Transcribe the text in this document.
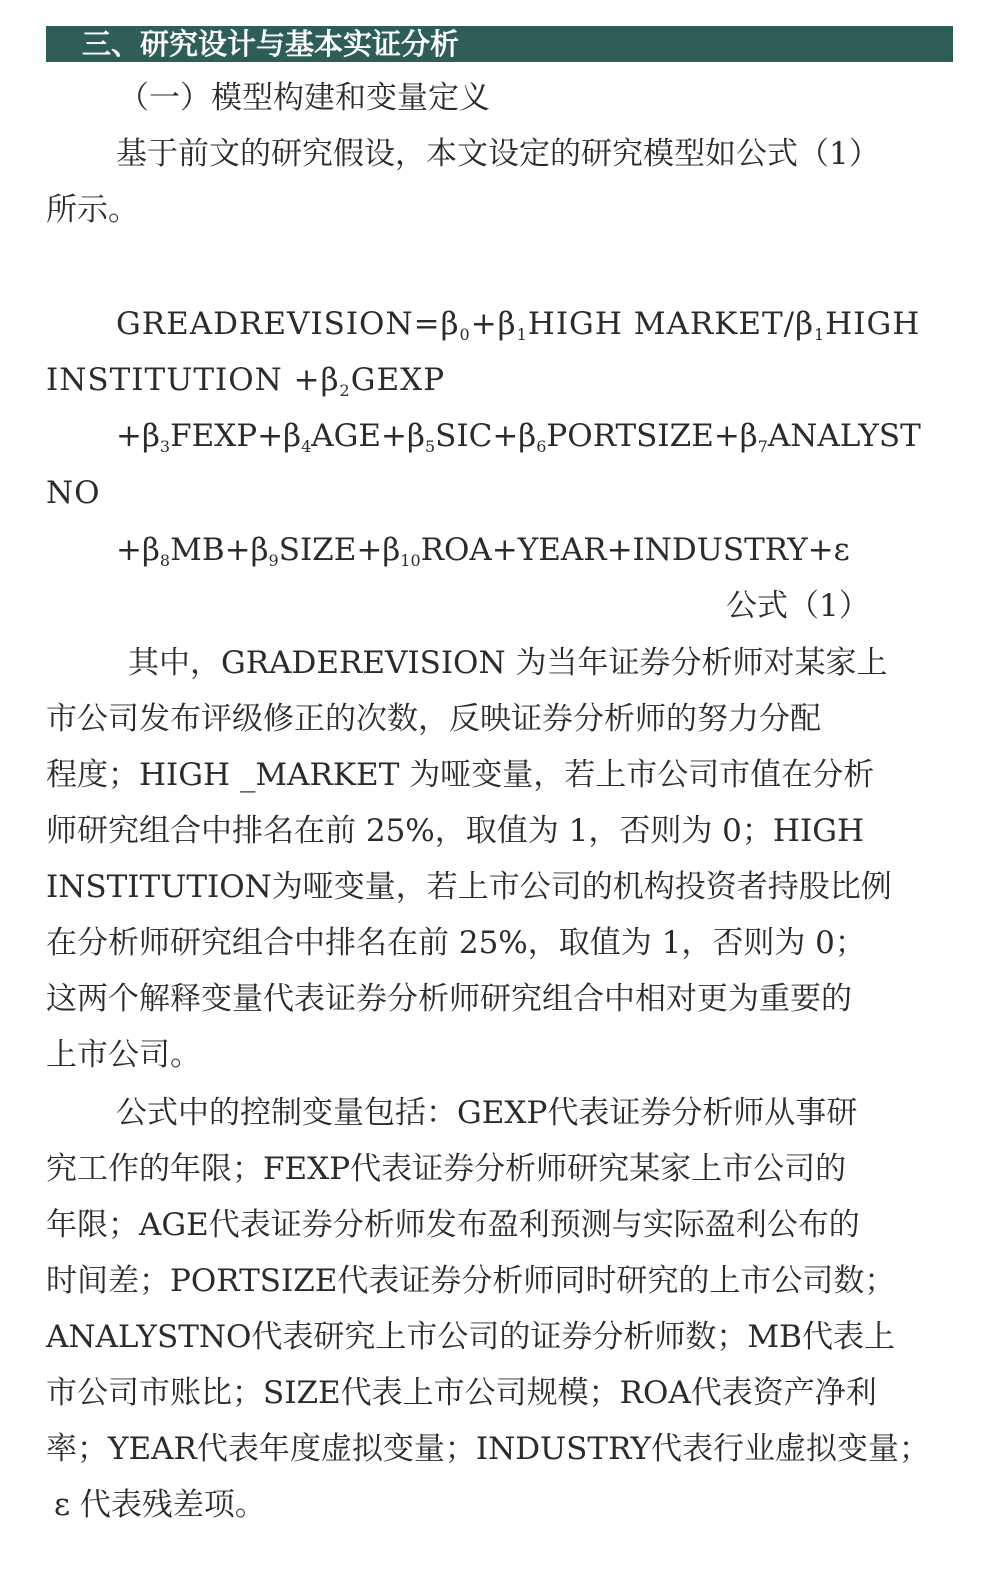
三、研究设计与基本实证分析
（一）模型构建和变量定义
基于前文的研究假设，本文设定的研究模型如公式（1）
所示。
$GREADREVISION=\beta_0+\beta_1HIGH$ MARKET/$\beta_1HIGH$
INSTITUTION $+\beta_2GEXP$
$+\beta_3FEXP+\beta_4AGE+\beta_5SIC+\beta_6PORTSIZE+\beta_7ANALYST$
NO
$+\beta_8MB+\beta_9SIZE+\beta_{10}ROA+YEAR+INDUSTRY+\varepsilon$
公式（1）
其中，GRADEREVISION 为当年证券分析师对某家上
市公司发布评级修正的次数，反映证券分析师的努力分配
程度；HIGH _MARKET 为哑变量，若上市公司市值在分析
师研究组合中排名在前 25%，取值为 1，否则为 0；HIGH
INSTITUTION为哑变量，若上市公司的机构投资者持股比例
在分析师研究组合中排名在前 25%，取值为 1，否则为 0；
这两个解释变量代表证券分析师研究组合中相对更为重要的
上市公司。
公式中的控制变量包括：GEXP代表证券分析师从事研
究工作的年限；FEXP代表证券分析师研究某家上市公司的
年限；AGE代表证券分析师发布盈利预测与实际盈利公布的
时间差；PORTSIZE代表证券分析师同时研究的上市公司数；
ANALYSTNO代表研究上市公司的证券分析师数；MB代表上
市公司市账比；SIZE代表上市公司规模；ROA代表资产净利
率；YEAR代表年度虚拟变量；INDUSTRY代表行业虚拟变量；
ε 代表残差项。
